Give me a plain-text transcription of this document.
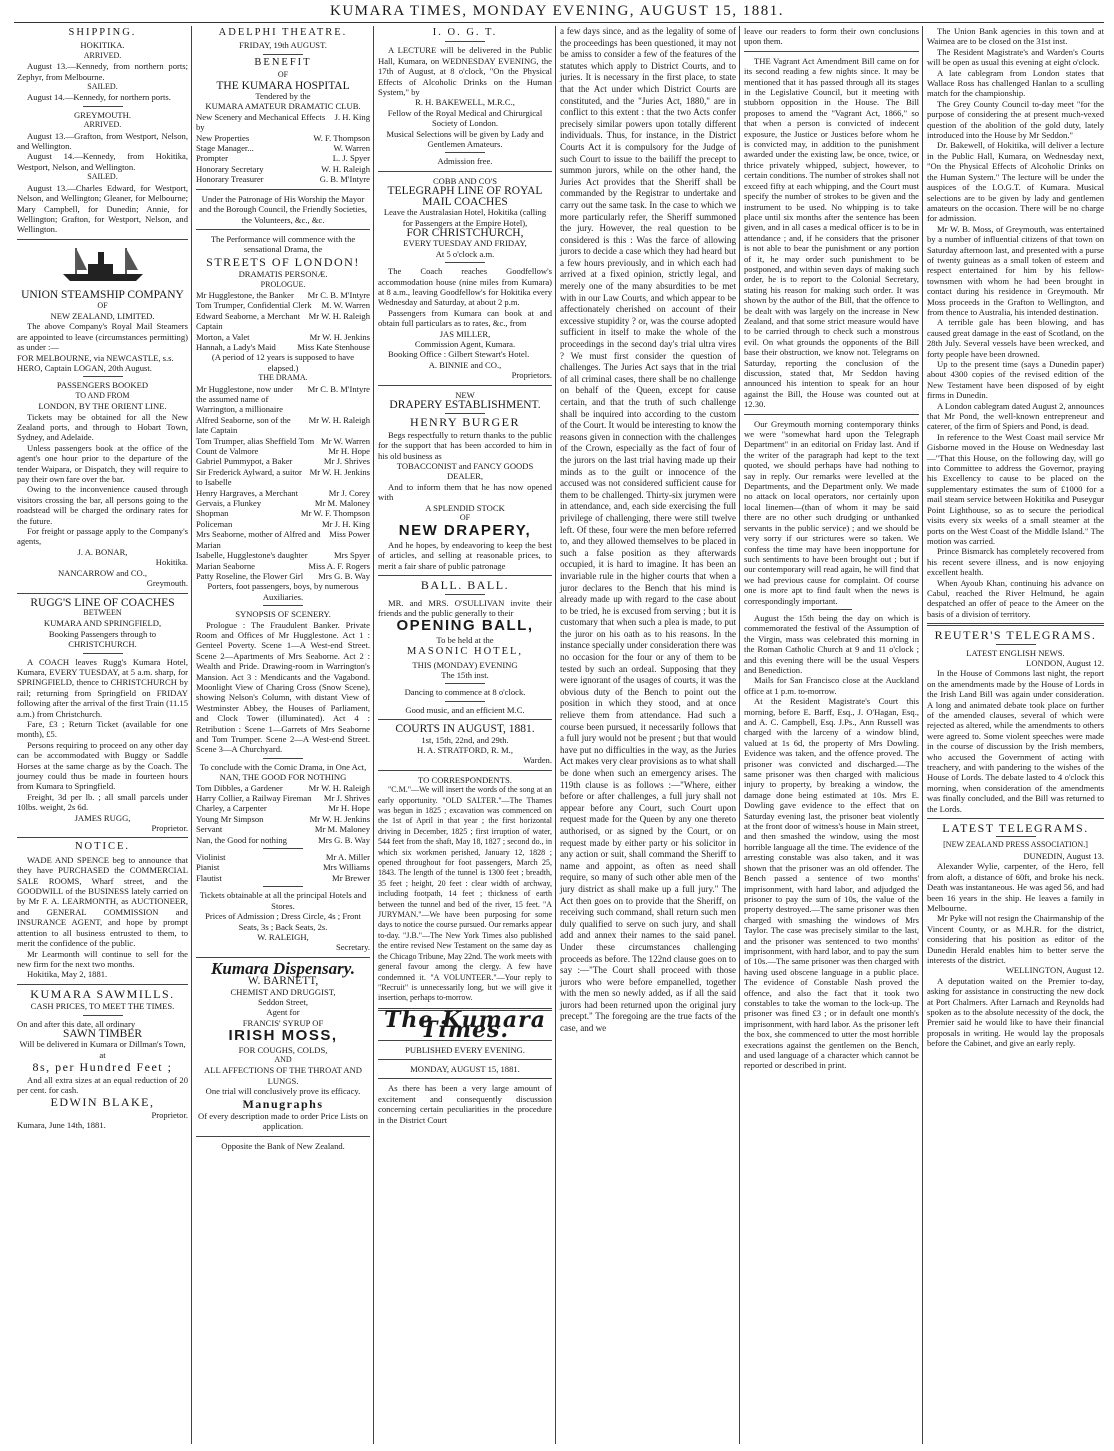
KUMARA TIMES, MONDAY EVENING, AUGUST 15, 1881.

SHIPPING.

HOKITIKA.

ARRIVED.

August 13.—Kennedy, from northern ports; Zephyr, from Melbourne.

SAILED.

August 14.—Kennedy, for northern ports.

GREYMOUTH.

ARRIVED.

August 13.—Grafton, from Westport, Nelson, and Wellington.

August 14.—Kennedy, from Hokitika, Westport, Nelson, and Wellington.

SAILED.

August 13.—Charles Edward, for Westport, Nelson, and Wellington; Gleaner, for Melbourne; Mary Campbell, for Dunedin; Annie, for Wellington; Grafton, for Westport, Nelson, and Wellington.

UNION STEAMSHIP COMPANY

OF

NEW ZEALAND, LIMITED.

The above Company's Royal Mail Steamers are appointed to leave (circumstances permitting) as under :—

FOR MELBOURNE, via NEWCASTLE, s.s. HERO, Captain LOGAN, 20th August.

PASSENGERS BOOKED

TO AND FROM

LONDON, BY THE ORIENT LINE.

Tickets may be obtained for all the New Zealand ports, and through to Hobart Town, Sydney, and Adelaide.

Unless passengers book at the office of the agent's one hour prior to the departure of the tender Waipara, or Dispatch, they will require to pay their own fare over the bar.

Owing to the inconvenience caused through visitors crossing the bar, all persons going to the roadstead will be charged the ordinary rates for the future.

For freight or passage apply to the Company's agents,

J. A. BONAR,

Hokitika.

NANCARROW and CO.,

Greymouth.

RUGG'S LINE OF COACHES

BETWEEN

KUMARA AND SPRINGFIELD,

Booking Passengers through to

CHRISTCHURCH.

A COACH leaves Rugg's Kumara Hotel, Kumara, EVERY TUESDAY, at 5 a.m. sharp, for SPRINGFIELD, thence to CHRISTCHURCH by rail; returning from Springfield on FRIDAY following after the arrival of the first Train (11.15 a.m.) from Christchurch.

Fare, £3 ; Return Ticket (available for one month), £5.

Persons requiring to proceed on any other day can be accommodated with Buggy or Saddle Horses at the same charge as by the Coach. The journey could thus be made in fourteen hours from Kumara to Springfield.

Freight, 3d per lb. ; all small parcels under 10lbs. weight, 2s 6d.

JAMES RUGG,

Proprietor.

NOTICE.

WADE AND SPENCE beg to announce that they have PURCHASED the COMMERCIAL SALE ROOMS, Wharf street, and the GOODWILL of the BUSINESS lately carried on by Mr F. A. LEARMONTH, as AUCTIONEER, and GENERAL COMMISSION and INSURANCE AGENT, and hope by prompt attention to all business entrusted to them, to merit the confidence of the public.

Mr Learmonth will continue to sell for the new firm for the next two months.

Hokitika, May 2, 1881.

KUMARA SAWMILLS.

CASH PRICES, TO MEET THE TIMES.

On and after this date, all ordinary

SAWN TIMBER

Will be delivered in Kumara or Dillman's Town, at

8s, per Hundred Feet ;

And all extra sizes at an equal reduction of 20 per cent. for cash.

EDWIN BLAKE,

Proprietor.

Kumara, June 14th, 1881.

ADELPHI THEATRE.

FRIDAY, 19th AUGUST.

BENEFIT

OF

THE KUMARA HOSPITAL

Tendered by the

KUMARA AMATEUR DRAMATIC CLUB.

New Scenery and Mechanical Effects by
J. H. King
New Properties	W. F. Thompson
Stage Manager...	W. Warren
Prompter	L. J. Spyer
Honorary Secretary	W. H. Raleigh
Honorary Treasurer	G. B. M'Intyre

Under the Patronage of His Worship the Mayor and the Borough Council, the Friendly Societies, the Volunteers, &c., &c.

The Performance will commence with the sensational Drama, the

STREETS OF LONDON!

DRAMATIS PERSONÆ.

PROLOGUE.

Mr Hugglestone, the Banker	Mr C. B. M'Intyre
Tom Trumper, Confidential Clerk	M. W. Warren
Edward Seaborne, a Merchant Captain
Mr W. H. Raleigh
Morton, a Valet	Mr W. H. Jenkins
Hannah, a Lady's Maid	Miss Kate Stenhouse

(A period of 12 years is supposed to have elapsed.)

THE DRAMA.

Mr Hugglestone, now under the assumed name of Warrington, a millionaire
Mr C. B. M'Intyre
Alfred Seaborne, son of the late Captain
Mr W. H. Raleigh
Tom Trumper, alias Sheffield Tom Mr W. Warren
Count de Valmore	Mr H. Hope
Gabriel Pummypot, a Baker	Mr J. Shrives
Sir Frederick Aylward, a suitor to Isabelle
Mr W. H. Jenkins
Henry Hargraves, a Merchant	Mr J. Corey
Gervais, a Flunkey	Mr M. Maloney
Shopman	Mr W. F. Thompson
Policeman	Mr J. H. King
Mrs Seaborne, mother of Alfred and Marian
Miss Power
Isabelle, Hugglestone's daughter	Mrs Spyer
Marian Seaborne	Miss A. F. Rogers
Patty Roseline, the Flower Girl	Mrs G. B. Way

Porters, foot passengers, boys, by numerous Auxiliaries.

SYNOPSIS OF SCENERY.

Prologue : The Fraudulent Banker. Private Room and Offices of Mr Hugglestone. Act 1 : Genteel Poverty. Scene 1—A West-end Street. Scene 2—Apartments of Mrs Seaborne. Act 2 : Wealth and Pride. Drawing-room in Warrington's Mansion. Act 3 : Mendicants and the Vagabond. Moonlight View of Charing Cross (Snow Scene), showing Nelson's Column, with distant View of Westminster Abbey, the Houses of Parliament, and Clock Tower (illuminated). Act 4 : Retribution : Scene 1—Garrets of Mrs Seaborne and Tom Trumper. Scene 2—A West-end Street. Scene 3—A Churchyard.

To conclude with the Comic Drama, in One Act,

NAN, THE GOOD FOR NOTHING

Tom Dibbles, a Gardener	Mr W. H. Raleigh
Harry Collier, a Railway Fireman	Mr J. Shrives
Charley, a Carpenter	Mr H. Hope
Young Mr Simpson	Mr W. H. Jenkins
Servant	Mr M. Maloney
Nan, the Good for nothing	Mrs G. B. Way
Violinist	Mr A. Miller
Pianist	Mrs Williams
Flautist	Mr Brewer

Tickets obtainable at all the principal Hotels and Stores.

Prices of Admission ; Dress Circle, 4s ; Front Seats, 3s ; Back Seats, 2s.

W. RALEIGH,

Secretary.

Kumara Dispensary.

W. BARNETT,

CHEMIST AND DRUGGIST,

Seddon Street,

Agent for

FRANCIS' SYRUP OF

IRISH MOSS,

FOR COUGHS, COLDS,

AND

ALL AFFECTIONS OF THE THROAT AND LUNGS.

One trial will conclusively prove its efficacy.

Manugraphs

Of every description made to order Price Lists on application.

Opposite the Bank of New Zealand.

I. O. G. T.

A LECTURE will be delivered in the Public Hall, Kumara, on WEDNESDAY EVENING, the 17th of August, at 8 o'clock, "On the Physical Effects of Alcoholic Drinks on the Human System," by

R. H. BAKEWELL, M.R.C.,

Fellow of the Royal Medical and Chirurgical Society of London.

Musical Selections will be given by Lady and Gentlemen Amateurs.

Admission free.

COBB AND CO'S

TELEGRAPH LINE OF ROYAL MAIL COACHES

Leave the Australasian Hotel, Hokitika (calling for Passengers at the Empire Hotel),

FOR CHRISTCHURCH,

EVERY TUESDAY AND FRIDAY,

At 5 o'clock a.m.

The Coach reaches Goodfellow's accommodation house (nine miles from Kumara) at 8 a.m., leaving Goodfellow's for Hokitika every Wednesday and Saturday, at about 2 p.m.

Passengers from Kumara can book at and obtain full particulars as to rates, &c., from

JAS MILLER,

Commission Agent, Kumara.

Booking Office : Gilbert Stewart's Hotel.

A. BINNIE and CO.,

Proprietors.

NEW

DRAPERY ESTABLISHMENT.

HENRY BURGER

Begs respectfully to return thanks to the public for the support that has been accorded to him in his old business as

TOBACCONIST and FANCY GOODS DEALER,

And to inform them that he has now opened with

A SPLENDID STOCK

OF

NEW DRAPERY,

And he hopes, by endeavoring to keep the best of articles, and selling at reasonable prices, to merit a fair share of public patronage

BALL. BALL.

MR. and MRS. O'SULLIVAN invite their friends and the public generally to their

OPENING BALL,

To be held at the

MASONIC HOTEL,

THIS (MONDAY) EVENING

The 15th inst.

Dancing to commence at 8 o'clock.

Good music, and an efficient M.C.

COURTS IN AUGUST, 1881.

1st, 15th, 22nd, and 29th.

H. A. STRATFORD, R. M.,

Warden.

TO CORRESPONDENTS.

"C.M."—We will insert the words of the song at an early opportunity. "OLD SALTER."—The Thames was begun in 1825 ; excavation was commenced on the 1st of April in that year ; the first horizontal driving in December, 1825 ; first irruption of water, 544 feet from the shaft, May 18, 1827 ; second do., in which six workmen perished, January 12, 1828 ; opened throughout for foot passengers, March 25, 1843. The length of the tunnel is 1300 feet ; breadth, 35 feet ; height, 20 feet : clear width of archway, including footpath, 14 feet ; thickness of earth between the tunnel and bed of the river, 15 feet. "A JURYMAN."—We have been purposing for some days to notice the course pursued. Our remarks appear to-day. "J.B."—The New York Times also published the entire revised New Testament on the same day as the Chicago Tribune, May 22nd. The work meets with general favour among the clergy. A few have condemned it. "A VOLUNTEER."—Your reply to "Recruit" is unnecessarily long, but we will give it insertion, perhaps to-morrow.

The Kumara Times.

PUBLISHED EVERY EVENING.

MONDAY, AUGUST 15, 1881.

As there has been a very large amount of excitement and consequently discussion concerning certain peculiarities in the procedure in the District Court

a few days since, and as the legality of some of the proceedings has been questioned, it may not be amiss to consider a few of the features of the statutes which apply to District Courts, and to juries. It is necessary in the first place, to state that the Act under which District Courts are constituted, and the "Juries Act, 1880," are in conflict to this extent : that the two Acts confer precisely similar powers upon totally different individuals. Thus, for instance, in the District Courts Act it is compulsory for the Judge of such Court to issue to the bailiff the precept to summon jurors, while on the other hand, the Juries Act provides that the Sheriff shall be commanded by the Registrar to undertake and carry out the same task. In the case to which we more particularly refer, the Sheriff summoned the jury. However, the real question to be considered is this : Was the farce of allowing jurors to decide a case which they had heard but a few hours previously, and in which each had arrived at a fixed opinion, strictly legal, and merely one of the many absurdities to be met with in our Law Courts, and which appear to be affectionately cherished on account of their excessive stupidity ? or, was the course adopted sufficient in itself to make the whole of the proceedings in the second day's trial ultra vires ? We must first consider the question of challenges. The Juries Act says that in the trial of all criminal cases, there shall be no challenge on behalf of the Queen, except for cause certain, and that the truth of such challenge shall be inquired into according to the custom of the Court. It would be interesting to know the reasons given in connection with the challenges of the Crown, especially as the fact of four of the jurors on the last trial having made up their minds as to the guilt or innocence of the accused was not considered sufficient cause for them to be challenged. Thirty-six jurymen were in attendance, and, each side exercising the full privilege of challenging, there were still twelve left. Of these, four were the men before referred to, and they allowed themselves to be placed in such a false position as they afterwards occupied, it is hard to imagine. It has been an invariable rule in the higher courts that when a juror declares to the Bench that his mind is already made up with regard to the case about to be tried, he is excused from serving ; but it is customary that when such a plea is made, to put the juror on his oath as to his reasons. In the instance specially under consideration there was no occasion for the four or any of them to be tested by such an ordeal. Supposing that they were ignorant of the usages of courts, it was the obvious duty of the Bench to point out the position in which they stood, and at once relieve them from attendance. Had such a course been pursued, it necessarily follows that a full jury would not be present ; but that would have put no difficulties in the way, as the Juries Act makes very clear provisions as to what shall be done when such an emergency arises. The 119th clause is as follows :—"Where, either before or after challenges, a full jury shall not appear before any Court, such Court upon request made for the Queen by any one thereto authorised, or as signed by the Court, or on request made by either party or his solicitor in any action or suit, shall command the Sheriff to name and appoint, as often as need shall require, so many of such other able men of the jury district as shall make up a full jury." The Act then goes on to provide that the Sheriff, on receiving such command, shall return such men duly qualified to serve on such jury, and shall add and annex their names to the said panel. Under these circumstances challenging proceeds as before. The 122nd clause goes on to say :—"The Court shall proceed with those jurors who were before empanelled, together with the men so newly added, as if all the said jurors had been returned upon the original jury precept." The foregoing are the true facts of the case, and we

leave our readers to form their own conclusions upon them.

THE Vagrant Act Amendment Bill came on for its second reading a few nights since. It may be mentioned that it has passed through all its stages in the Legislative Council, but it meeting with stubborn opposition in the House. The Bill proposes to amend the "Vagrant Act, 1866," so that when a person is convicted of indecent exposure, the Justice or Justices before whom he is convicted may, in addition to the punishment awarded under the existing law, be once, twice, or thrice privately whipped, subject, however, to certain conditions. The number of strokes shall not exceed fifty at each whipping, and the Court must specify the number of strokes to be given and the instrument to be used. No whipping is to take place until six months after the sentence has been given, and in all cases a medical officer is to be in attendance ; and, if he considers that the prisoner is not able to bear the punishment or any portion of it, he may order such punishment to be postponed, and within seven days of making such order, he is to report to the Colonial Secretary, stating his reason for making such order. It was shown by the author of the Bill, that the offence to be dealt with was largely on the increase in New Zealand, and that some strict measure would have to be carried through to check such a monstrous evil. On what grounds the opponents of the Bill base their obstruction, we know not. Telegrams on Saturday, reporting the conclusion of the discussion, stated that, Mr Seddon having announced his intention to speak for an hour against the Bill, the House was counted out at 12.30.

Our Greymouth morning contemporary thinks we were "somewhat hard upon the Telegraph Department" in an editorial on Friday last. And if the writer of the paragraph had kept to the text quoted, we should perhaps have had nothing to say in reply. Our remarks were levelled at the Departments, and the Department only. We made no attack on local operators, nor certainly upon local linemen—(than of whom it may be said there are no other such drudging or unthanked servants in the public service) ; and we should be very sorry if our strictures were so taken. We confess the time may have been inopportune for such sentiments to have been brought out ; but if our contemporary will read again, he will find that we had previous cause for complaint. Of course one is more apt to find fault when the news is correspondingly important.

August the 15th being the day on which is commemorated the festival of the Assumption of the Virgin, mass was celebrated this morning in the Roman Catholic Church at 9 and 11 o'clock ; and this evening there will be the usual Vespers and Benediction.

Mails for San Francisco close at the Auckland office at 1 p.m. to-morrow.

At the Resident Magistrate's Court this morning, before E. Barff, Esq., J. O'Hagan, Esq., and A. C. Campbell, Esq. J.Ps., Ann Russell was charged with the larceny of a window blind, valued at 1s 6d, the property of Mrs Dowling. Evidence was taken, and the offence proved. The prisoner was convicted and discharged.—The same prisoner was then charged with malicious injury to property, by breaking a window, the damage done being estimated at 10s. Mrs E. Dowling gave evidence to the effect that on Saturday evening last, the prisoner beat violently at the front door of witness's house in Main street, and then smashed the window, using the most horrible language all the time. The evidence of the arresting constable was also taken, and it was shown that the prisoner was an old offender. The Bench passed a sentence of two months' imprisonment, with hard labor, and adjudged the prisoner to pay the sum of 10s, the value of the property destroyed.—The same prisoner was then charged with smashing the windows of Mrs Taylor. The case was precisely similar to the last, and the prisoner was sentenced to two months' imprisonment, with hard labor, and to pay the sum of 10s.—The same prisoner was then charged with having used obscene language in a public place. The evidence of Constable Nash proved the offence, and also the fact that it took two constables to take the woman to the lock-up. The prisoner was fined £3 ; or in default one month's imprisonment, with hard labor. As the prisoner left the box, she commenced to utter the most horrible execrations against the gentlemen on the Bench, and used language of a character which cannot be reported or described in print.

The Union Bank agencies in this town and at Waimea are to be closed on the 31st inst.

The Resident Magistrate's and Warden's Courts will be open as usual this evening at eight o'clock.

A late cablegram from London states that Wallace Ross has challenged Hanlan to a sculling match for the championship.

The Grey County Council to-day meet "for the purpose of considering the at present much-vexed question of the abolition of the gold duty, lately introduced into the House by Mr Seddon."

Dr. Bakewell, of Hokitika, will deliver a lecture in the Public Hall, Kumara, on Wednesday next, "On the Physical Effects of Alcoholic Drinks on the Human System." The lecture will be under the auspices of the I.O.G.T. of Kumara. Musical selections are to be given by lady and gentlemen amateurs on the occasion. There will be no charge for admission.

Mr W. B. Moss, of Greymouth, was entertained by a number of influential citizens of that town on Saturday afternoon last, and presented with a purse of twenty guineas as a small token of esteem and respect entertained for him by his fellow-townsmen with whom he had been brought in contact during his residence in Greymouth. Mr Moss proceeds in the Grafton to Wellington, and from thence to Australia, his intended destination.

A terrible gale has been blowing, and has caused great damage in the east of Scotland, on the 28th July. Several vessels have been wrecked, and forty people have been drowned.

Up to the present time (says a Dunedin paper) about 4300 copies of the revised edition of the New Testament have been disposed of by eight firms in Dunedin.

A London cablegram dated August 2, announces that Mr Pond, the well-known entrepreneur and caterer, of the firm of Spiers and Pond, is dead.

In reference to the West Coast mail service Mr Gisborne moved in the House on Wednesday last—"That this House, on the following day, will go into Committee to address the Governor, praying his Excellency to cause to be placed on the supplementary estimates the sum of £1000 for a mail steam service between Hokitika and Puseygur Point Lighthouse, so as to secure the periodical visits every six weeks of a small steamer at the ports on the West Coast of the Middle Island." The motion was carried.

Prince Bismarck has completely recovered from his recent severe illness, and is now enjoying excellent health.

When Ayoub Khan, continuing his advance on Cabul, reached the River Helmund, he again despatched an offer of peace to the Ameer on the basis of a division of territory.

REUTER'S TELEGRAMS.

LATEST ENGLISH NEWS.

LONDON, August 12.

In the House of Commons last night, the report on the amendments made by the House of Lords in the Irish Land Bill was again under consideration. A long and animated debate took place on further of the amended clauses, several of which were rejected as altered, while the amendments to others were agreed to. Some violent speeches were made in the course of discussion by the Irish members, who accused the Government of acting with treachery, and with pandering to the wishes of the House of Lords. The debate lasted to 4 o'clock this morning, when consideration of the amendments was finally concluded, and the Bill was returned to the Lords.

LATEST TELEGRAMS.

[NEW ZEALAND PRESS ASSOCIATION.]

DUNEDIN, August 13.

Alexander Wylie, carpenter, of the Hero, fell from aloft, a distance of 60ft, and broke his neck. Death was instantaneous. He was aged 56, and had been 16 years in the ship. He leaves a family in Melbourne.

Mr Pyke will not resign the Chairmanship of the Vincent County, or as M.H.R. for the district, considering that his position as editor of the Dunedin Herald enables him to better serve the interests of the district.

WELLINGTON, August 12.

A deputation waited on the Premier to-day, asking for assistance in constructing the new dock at Port Chalmers. After Larnach and Reynolds had spoken as to the absolute necessity of the dock, the Premier said he would like to have their financial proposals in writing. He would lay the proposals before the Cabinet, and give an early reply.
